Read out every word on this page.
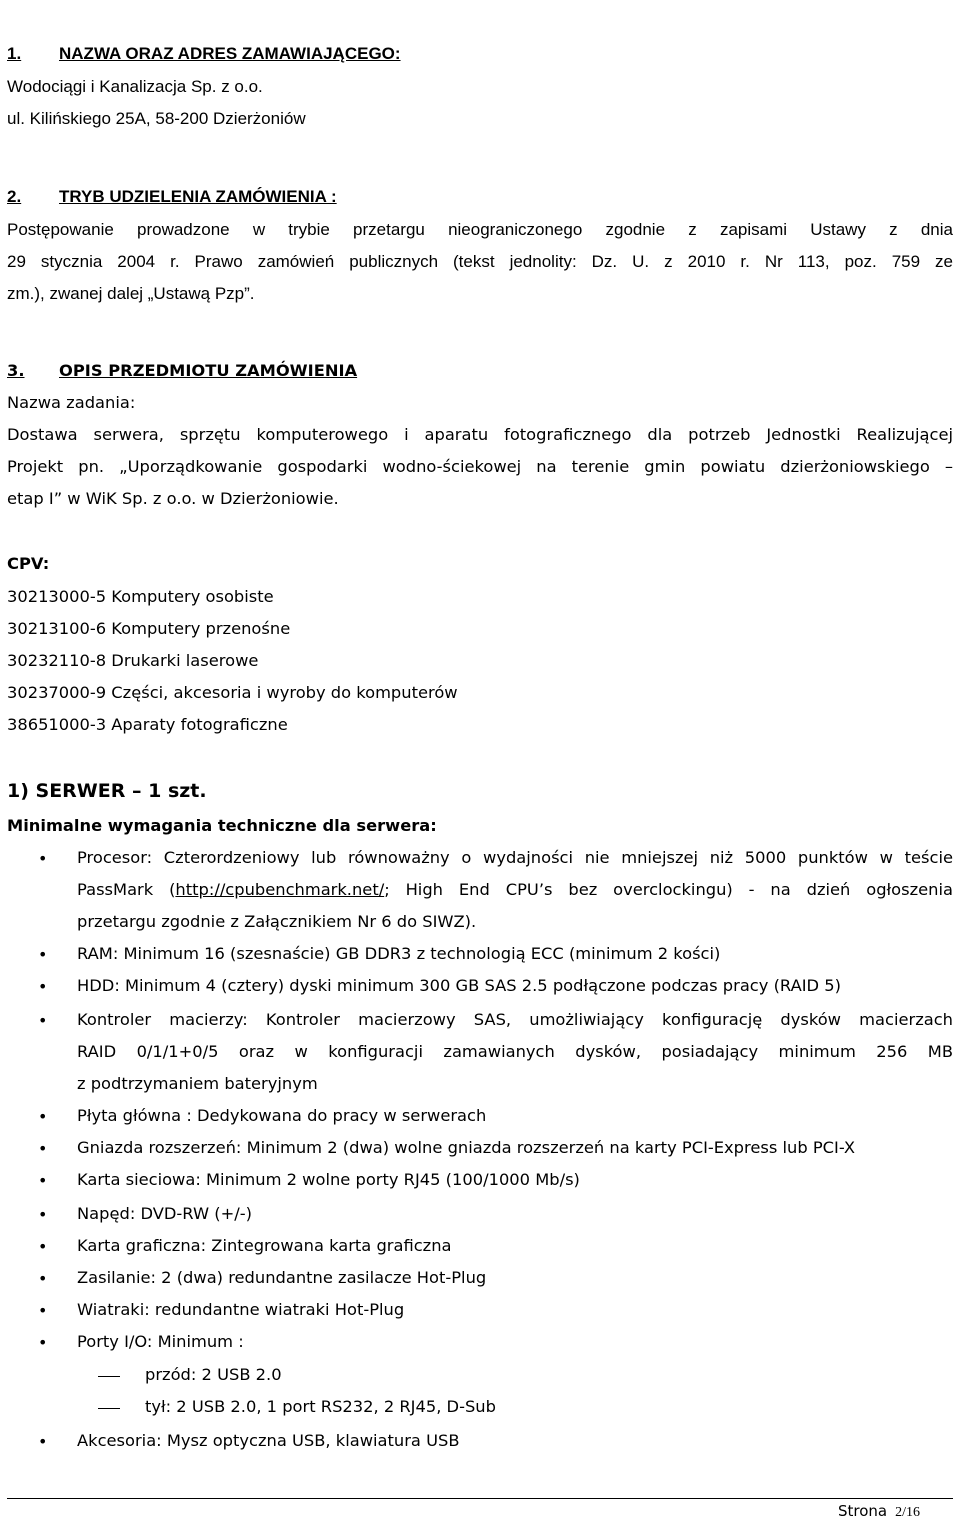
1. NAZWA ORAZ ADRES ZAMAWIAJĄCEGO:
Wodociągi i Kanalizacja Sp. z o.o.
ul. Kilińskiego 25A, 58-200 Dzierżoniów
2. TRYB UDZIELENIA ZAMÓWIENIA :
Postępowanie prowadzone w trybie przetargu nieograniczonego zgodnie z zapisami Ustawy z dnia
29 stycznia 2004 r. Prawo zamówień publicznych (tekst jednolity: Dz. U. z 2010 r. Nr 113, poz. 759 ze
zm.), zwanej dalej „Ustawą Pzp”.
3. OPIS PRZEDMIOTU ZAMÓWIENIA
Nazwa zadania:
Dostawa serwera, sprzętu komputerowego i aparatu fotograficznego dla potrzeb Jednostki Realizującej
Projekt pn. „Uporządkowanie gospodarki wodno-ściekowej na terenie gmin powiatu dzierżoniowskiego –
etap I” w WiK Sp. z o.o. w Dzierżoniowie.
CPV:
30213000-5 Komputery osobiste
30213100-6 Komputery przenośne
30232110-8 Drukarki laserowe
30237000-9 Części, akcesoria i wyroby do komputerów
38651000-3 Aparaty fotograficzne
1) SERWER – 1 szt.
Minimalne wymagania techniczne dla serwera:
• Procesor: Czterordzeniowy lub równoważny o wydajności nie mniejszej niż 5000 punktów w teście
PassMark (http://cpubenchmark.net/; High End CPU’s bez overclockingu) - na dzień ogłoszenia
przetargu zgodnie z Załącznikiem Nr 6 do SIWZ).
• RAM: Minimum 16 (szesnaście) GB DDR3 z technologią ECC (minimum 2 kości)
• HDD: Minimum 4 (cztery) dyski minimum 300 GB SAS 2.5 podłączone podczas pracy (RAID 5)
• Kontroler macierzy: Kontroler macierzowy SAS, umożliwiający konfigurację dysków macierzach
RAID 0/1/1+0/5 oraz w konfiguracji zamawianych dysków, posiadający minimum 256 MB
z podtrzymaniem bateryjnym
• Płyta główna : Dedykowana do pracy w serwerach
• Gniazda rozszerzeń: Minimum 2 (dwa) wolne gniazda rozszerzeń na karty PCI-Express lub PCI-X
• Karta sieciowa: Minimum 2 wolne porty RJ45 (100/1000 Mb/s)
• Napęd: DVD-RW (+/-)
• Karta graficzna: Zintegrowana karta graficzna
• Zasilanie: 2 (dwa) redundantne zasilacze Hot-Plug
• Wiatraki: redundantne wiatraki Hot-Plug
• Porty I/O: Minimum :
przód: 2 USB 2.0
tył: 2 USB 2.0, 1 port RS232, 2 RJ45, D-Sub
• Akcesoria: Mysz optyczna USB, klawiatura USB
Strona 2/16
